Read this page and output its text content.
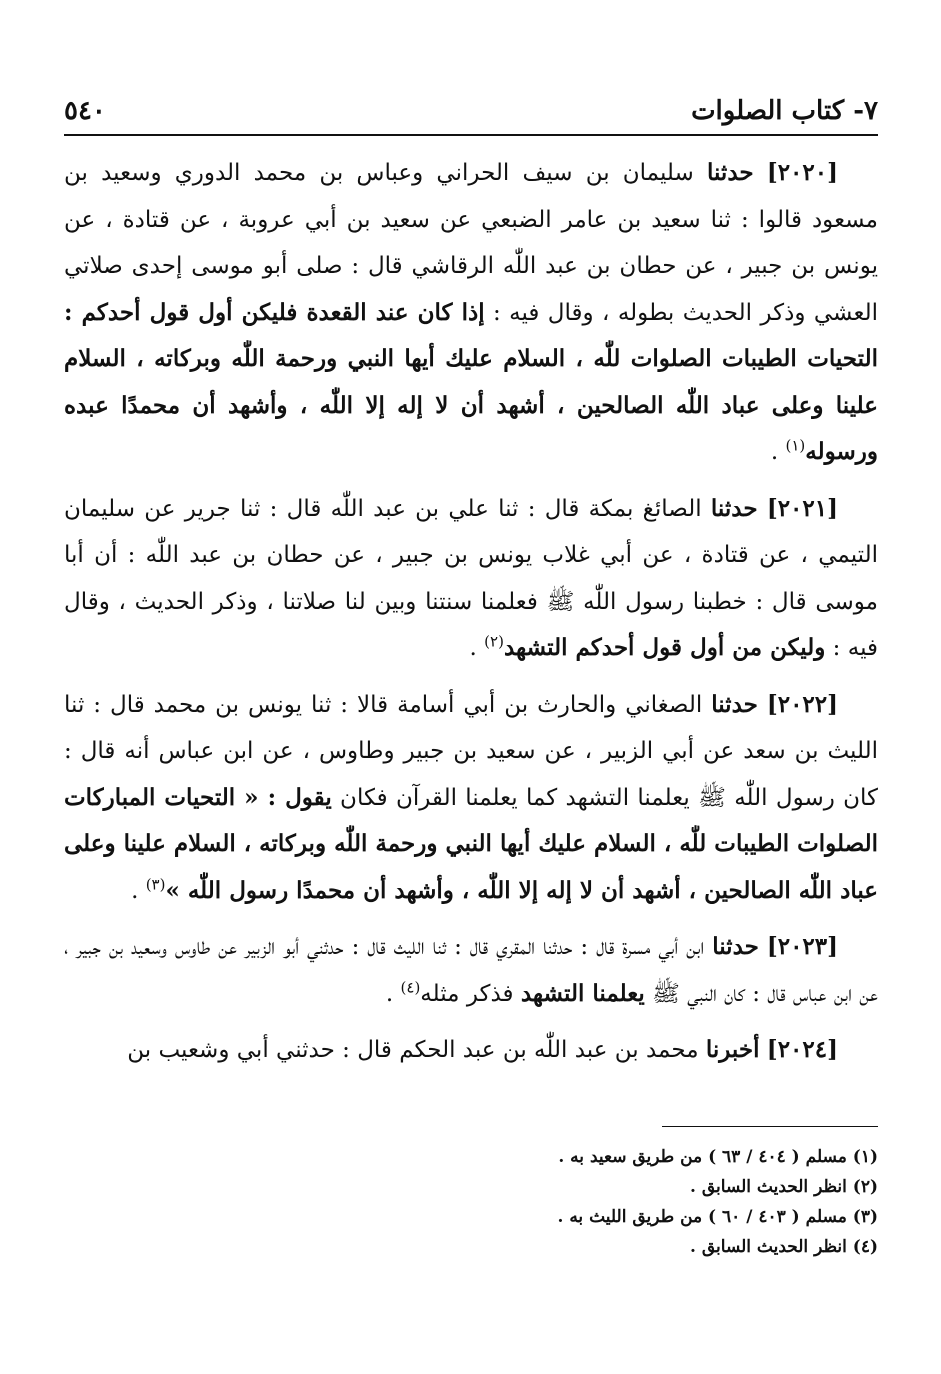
٧- كتاب الصلوات
٥٤٠

[٢٠٢٠] حدثنا سليمان بن سيف الحراني وعباس بن محمد الدوري وسعيد بن مسعود قالوا : ثنا سعيد بن عامر الضبعي عن سعيد بن أبي عروبة ، عن قتادة ، عن يونس بن جبير ، عن حطان بن عبد اللّٰه الرقاشي قال : صلى أبو موسى إحدى صلاتي العشي وذكر الحديث بطوله ، وقال فيه : إذا كان عند القعدة فليكن أول قول أحدكم : التحيات الطيبات الصلوات للّٰه ، السلام عليك أيها النبي ورحمة اللّٰه وبركاته ، السلام علينا وعلى عباد اللّٰه الصالحين ، أشهد أن لا إله إلا اللّٰه ، وأشهد أن محمدًا عبده ورسوله$^{(١)}$ .

[٢٠٢١] حدثنا الصائغ بمكة قال : ثنا علي بن عبد اللّٰه قال : ثنا جرير عن سليمان التيمي ، عن قتادة ، عن أبي غلاب يونس بن جبير ، عن حطان بن عبد اللّٰه : أن أبا موسى قال : خطبنا رسول اللّٰه ﷺ فعلمنا سنتنا وبين لنا صلاتنا ، وذكر الحديث ، وقال فيه : وليكن من أول قول أحدكم التشهد$^{(٢)}$ .

[٢٠٢٢] حدثنا الصغاني والحارث بن أبي أسامة قالا : ثنا يونس بن محمد قال : ثنا الليث بن سعد عن أبي الزبير ، عن سعيد بن جبير وطاوس ، عن ابن عباس أنه قال : كان رسول اللّٰه ﷺ يعلمنا التشهد كما يعلمنا القرآن فكان يقول : « التحيات المباركات الصلوات الطيبات للّٰه ، السلام عليك أيها النبي ورحمة اللّٰه وبركاته ، السلام علينا وعلى عباد اللّٰه الصالحين ، أشهد أن لا إله إلا اللّٰه ، وأشهد أن محمدًا رسول اللّٰه »$^{(٣)}$ .

[٢٠٢٣] حدثنا ابن أبي مسرة قال : حدثنا المقري قال : ثنا الليث قال : حدثني أبو الزبير عن طاوس وسعيد بن جبير ، عن ابن عباس قال : كان النبي ﷺ يعلمنا التشهد فذكر مثله$^{(٤)}$ .

[٢٠٢٤] أخبرنا محمد بن عبد اللّٰه بن عبد الحكم قال : حدثني أبي وشعيب بن

(١) مسلم ( ٤٠٤ / ٦٣ ) من طريق سعيد به .

(٢) انظر الحديث السابق .

(٣) مسلم ( ٤٠٣ / ٦٠ ) من طريق الليث به .

(٤) انظر الحديث السابق .
